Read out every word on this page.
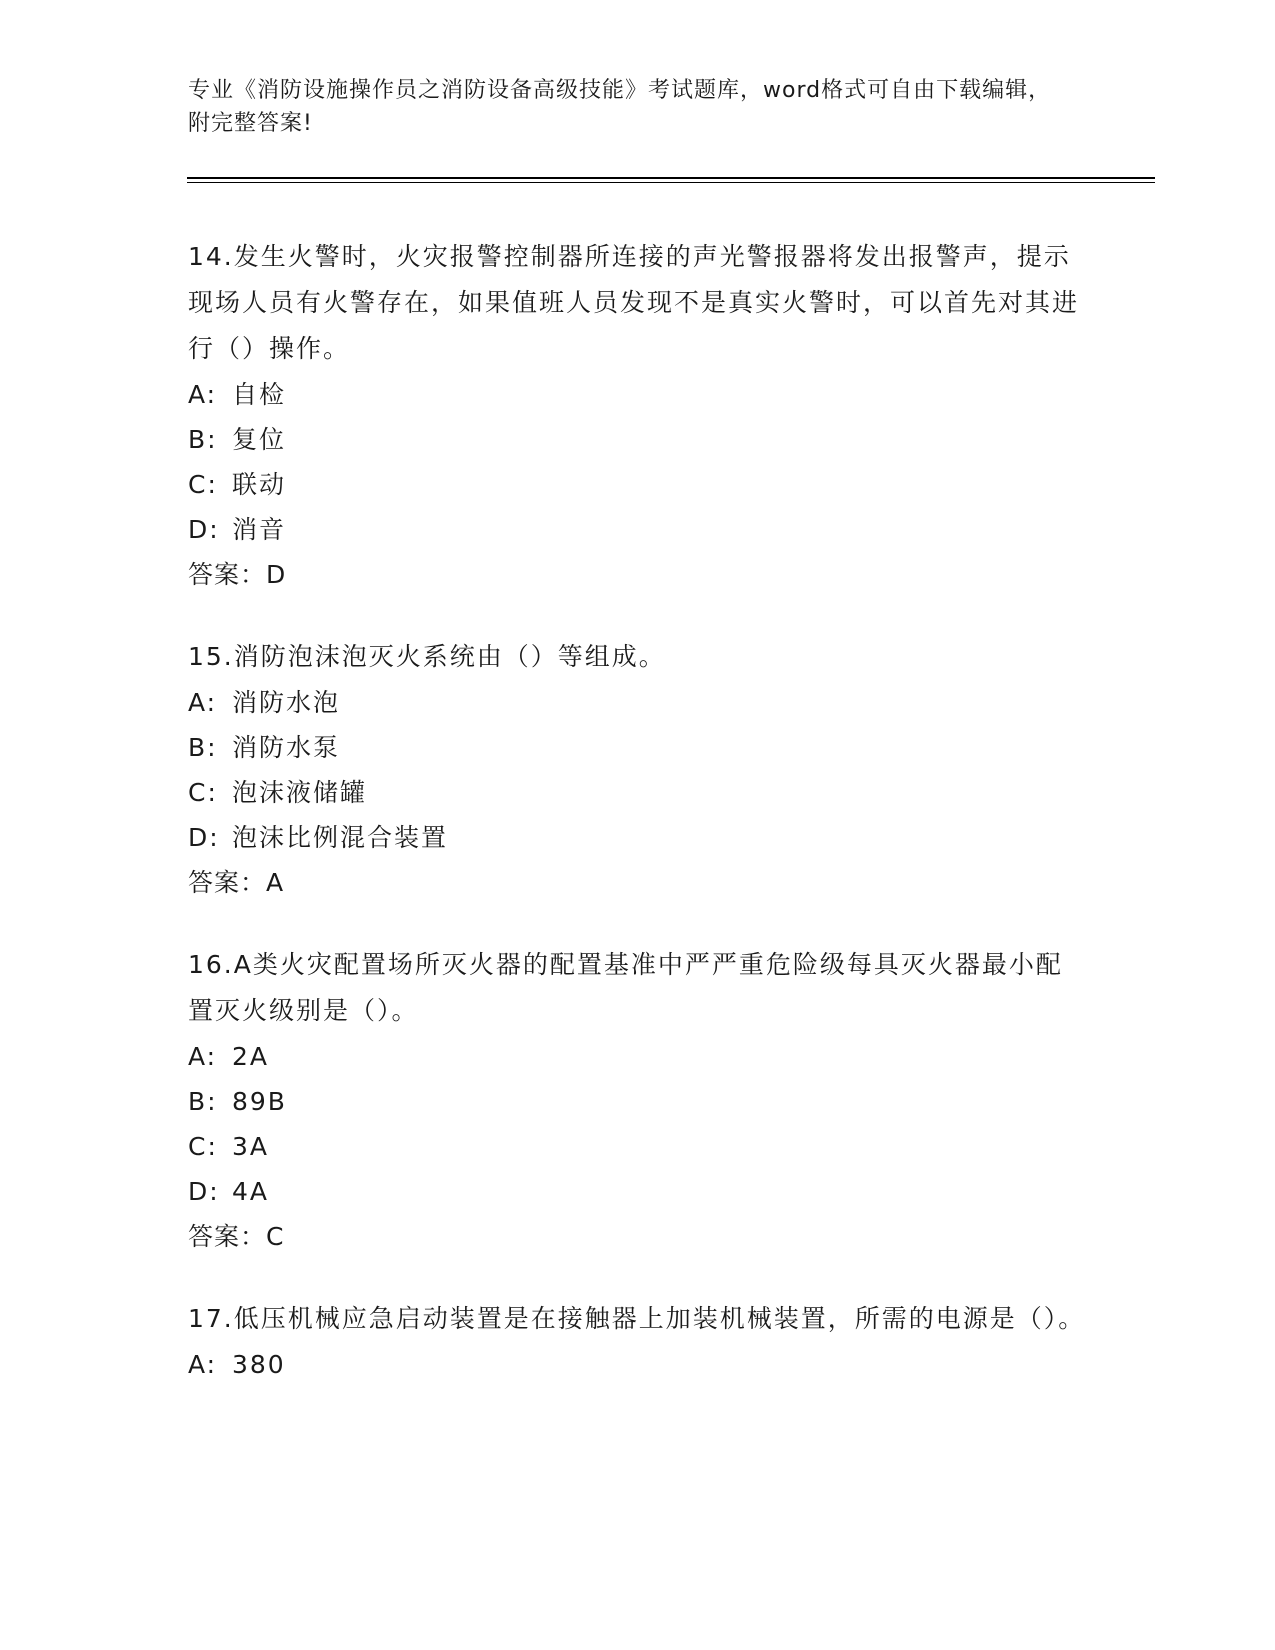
专业《消防设施操作员之消防设备高级技能》考试题库，word格式可自由下载编辑，附完整答案!
14.发生火警时，火灾报警控制器所连接的声光警报器将发出报警声，提示现场人员有火警存在，如果值班人员发现不是真实火警时，可以首先对其进行（）操作。
A: 自检
B: 复位
C: 联动
D: 消音
答案：D
15.消防泡沫泡灭火系统由（）等组成。
A: 消防水泡
B: 消防水泵
C: 泡沫液储罐
D: 泡沫比例混合装置
答案：A
16.A类火灾配置场所灭火器的配置基准中严严重危险级每具灭火器最小配置灭火级别是（）。
A: 2A
B: 89B
C: 3A
D: 4A
答案：C
17.低压机械应急启动装置是在接触器上加装机械装置，所需的电源是（）。
A: 380
